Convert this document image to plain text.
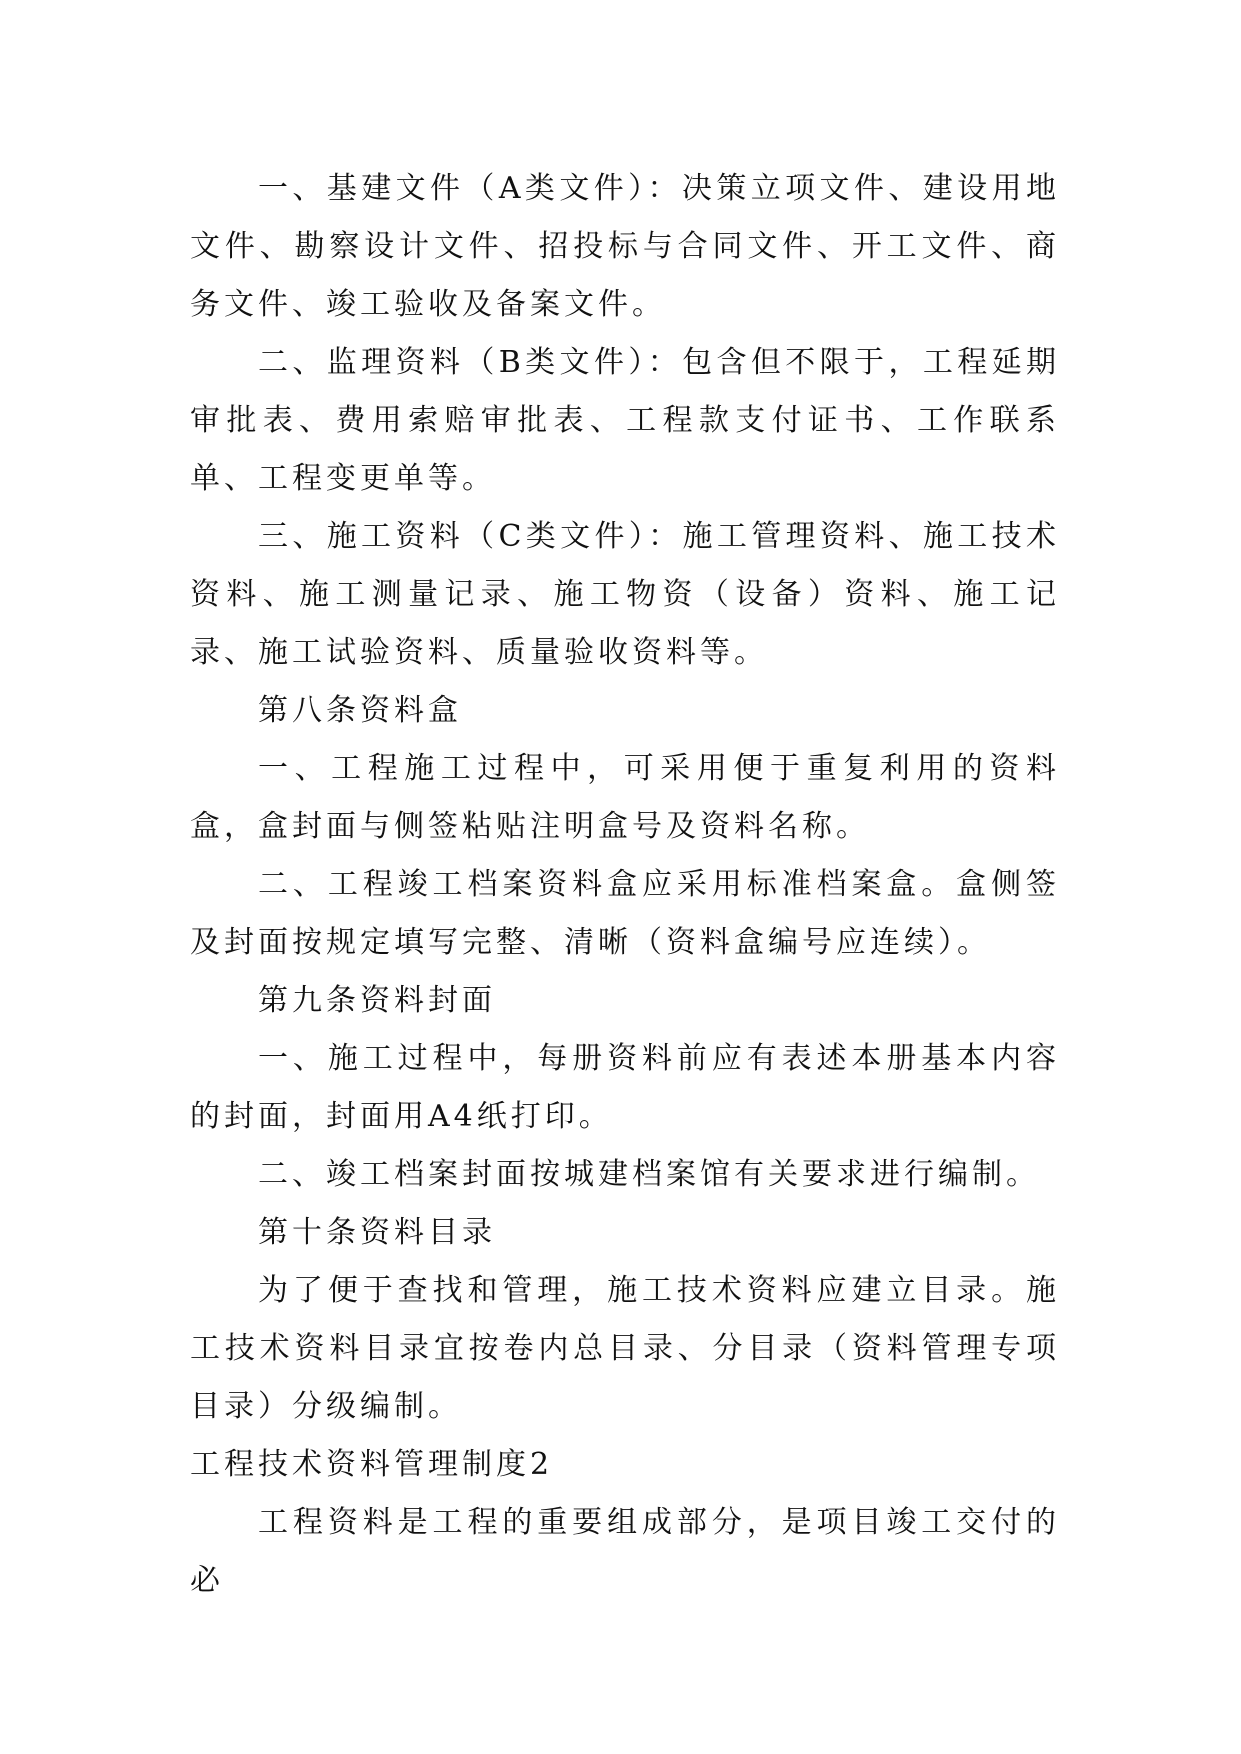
一、基建文件（A类文件）：决策立项文件、建设用地文件、勘察设计文件、招投标与合同文件、开工文件、商务文件、竣工验收及备案文件。

二、监理资料（B类文件）：包含但不限于，工程延期审批表、费用索赔审批表、工程款支付证书、工作联系单、工程变更单等。

三、施工资料（C类文件）：施工管理资料、施工技术资料、施工测量记录、施工物资（设备）资料、施工记录、施工试验资料、质量验收资料等。

第八条资料盒

一、工程施工过程中，可采用便于重复利用的资料盒，盒封面与侧签粘贴注明盒号及资料名称。

二、工程竣工档案资料盒应采用标准档案盒。盒侧签及封面按规定填写完整、清晰（资料盒编号应连续）。

第九条资料封面

一、施工过程中，每册资料前应有表述本册基本内容的封面，封面用A4纸打印。

二、竣工档案封面按城建档案馆有关要求进行编制。

第十条资料目录

为了便于查找和管理，施工技术资料应建立目录。施工技术资料目录宜按卷内总目录、分目录（资料管理专项目录）分级编制。

工程技术资料管理制度2

工程资料是工程的重要组成部分，是项目竣工交付的必
